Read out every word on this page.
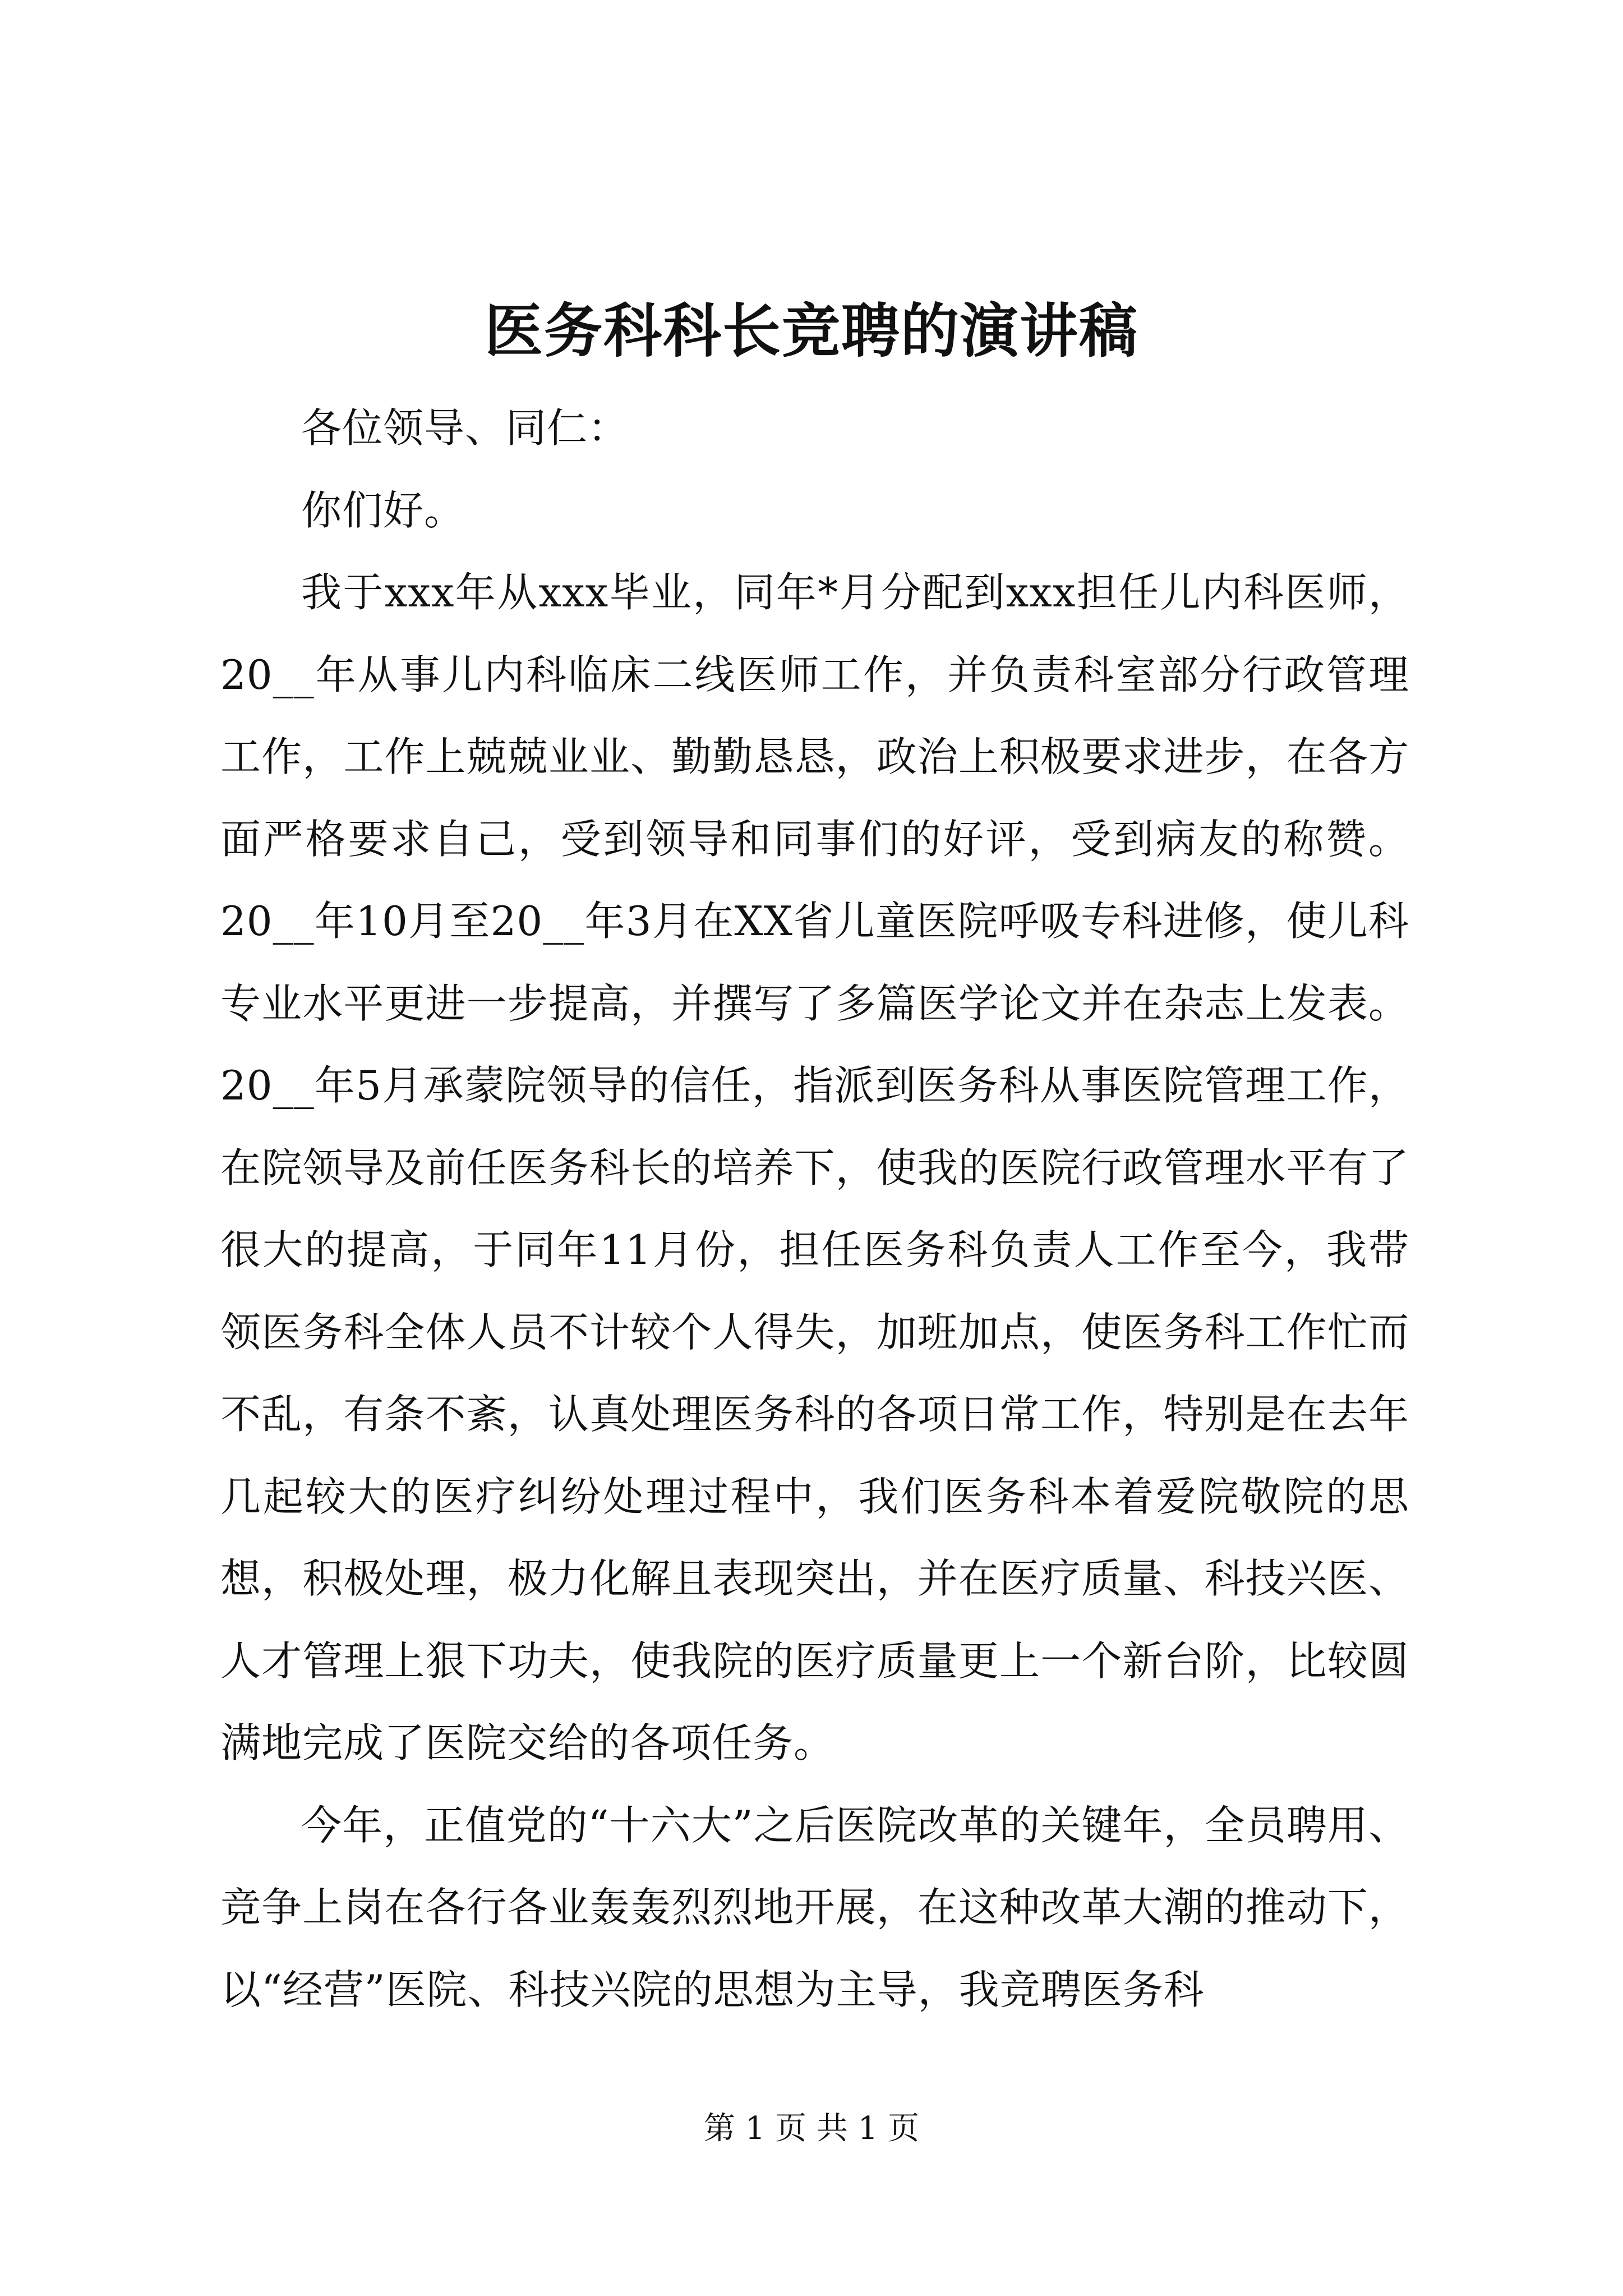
医务科科长竞聘的演讲稿

各位领导、同仁：

你们好。

我于xxx年从xxx毕业，同年*月分配到xxx担任儿内科医师，20__年从事儿内科临床二线医师工作，并负责科室部分行政管理工作，工作上兢兢业业、勤勤恳恳，政治上积极要求进步，在各方面严格要求自己，受到领导和同事们的好评，受到病友的称赞。20__年10月至20__年3月在XX省儿童医院呼吸专科进修，使儿科专业水平更进一步提高，并撰写了多篇医学论文并在杂志上发表。20__年5月承蒙院领导的信任，指派到医务科从事医院管理工作，在院领导及前任医务科长的培养下，使我的医院行政管理水平有了很大的提高，于同年11月份，担任医务科负责人工作至今，我带领医务科全体人员不计较个人得失，加班加点，使医务科工作忙而不乱，有条不紊，认真处理医务科的各项日常工作，特别是在去年几起较大的医疗纠纷处理过程中，我们医务科本着爱院敬院的思想，积极处理，极力化解且表现突出，并在医疗质量、科技兴医、人才管理上狠下功夫，使我院的医疗质量更上一个新台阶，比较圆满地完成了医院交给的各项任务。

今年，正值党的“十六大”之后医院改革的关键年，全员聘用、竞争上岗在各行各业轰轰烈烈地开展，在这种改革大潮的推动下，以“经营”医院、科技兴院的思想为主导，我竞聘医务科

第 1 页 共 1 页
